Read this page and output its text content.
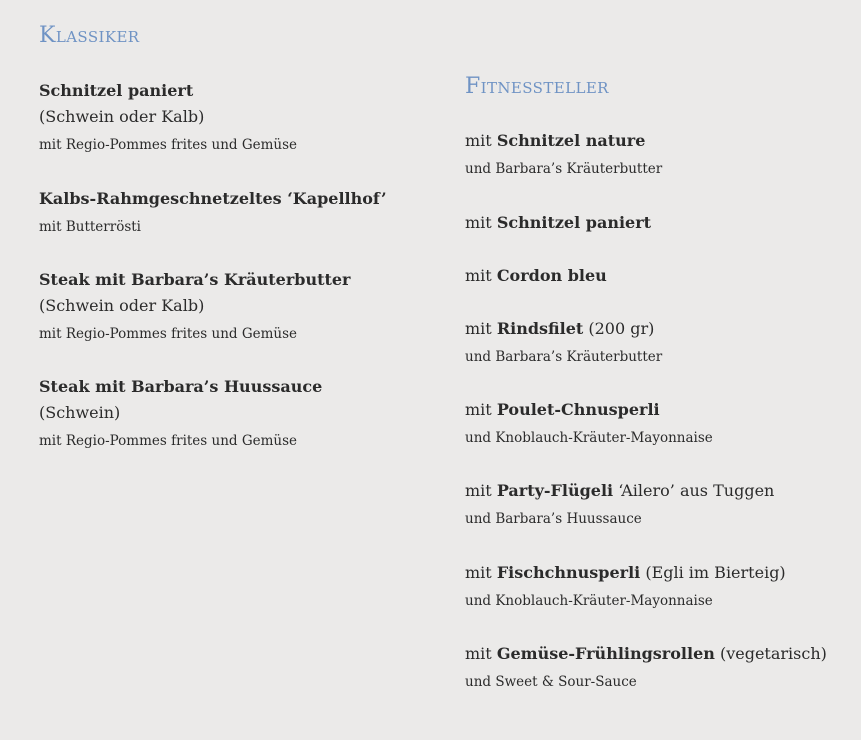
Klassiker
Schnitzel paniert
(Schwein oder Kalb)
mit Regio-Pommes frites und Gemüse
Kalbs-Rahmgeschnetzeltes ‘Kapellhof’
mit Butterrösti
Steak mit Barbara’s Kräuterbutter
(Schwein oder Kalb)
mit Regio-Pommes frites und Gemüse
Steak mit Barbara’s Huussauce
(Schwein)
mit Regio-Pommes frites und Gemüse
Fitnessteller
mit Schnitzel nature
und Barbara’s Kräuterbutter
mit Schnitzel paniert
mit Cordon bleu
mit Rindsfilet (200 gr)
und Barbara’s Kräuterbutter
mit Poulet-Chnusperli
und Knoblauch-Kräuter-Mayonnaise
mit Party-Flügeli ‘Ailero’ aus Tuggen
und Barbara’s Huussauce
mit Fischchnusperli (Egli im Bierteig)
und Knoblauch-Kräuter-Mayonnaise
mit Gemüse-Frühlingsrollen (vegetarisch)
und Sweet & Sour-Sauce
